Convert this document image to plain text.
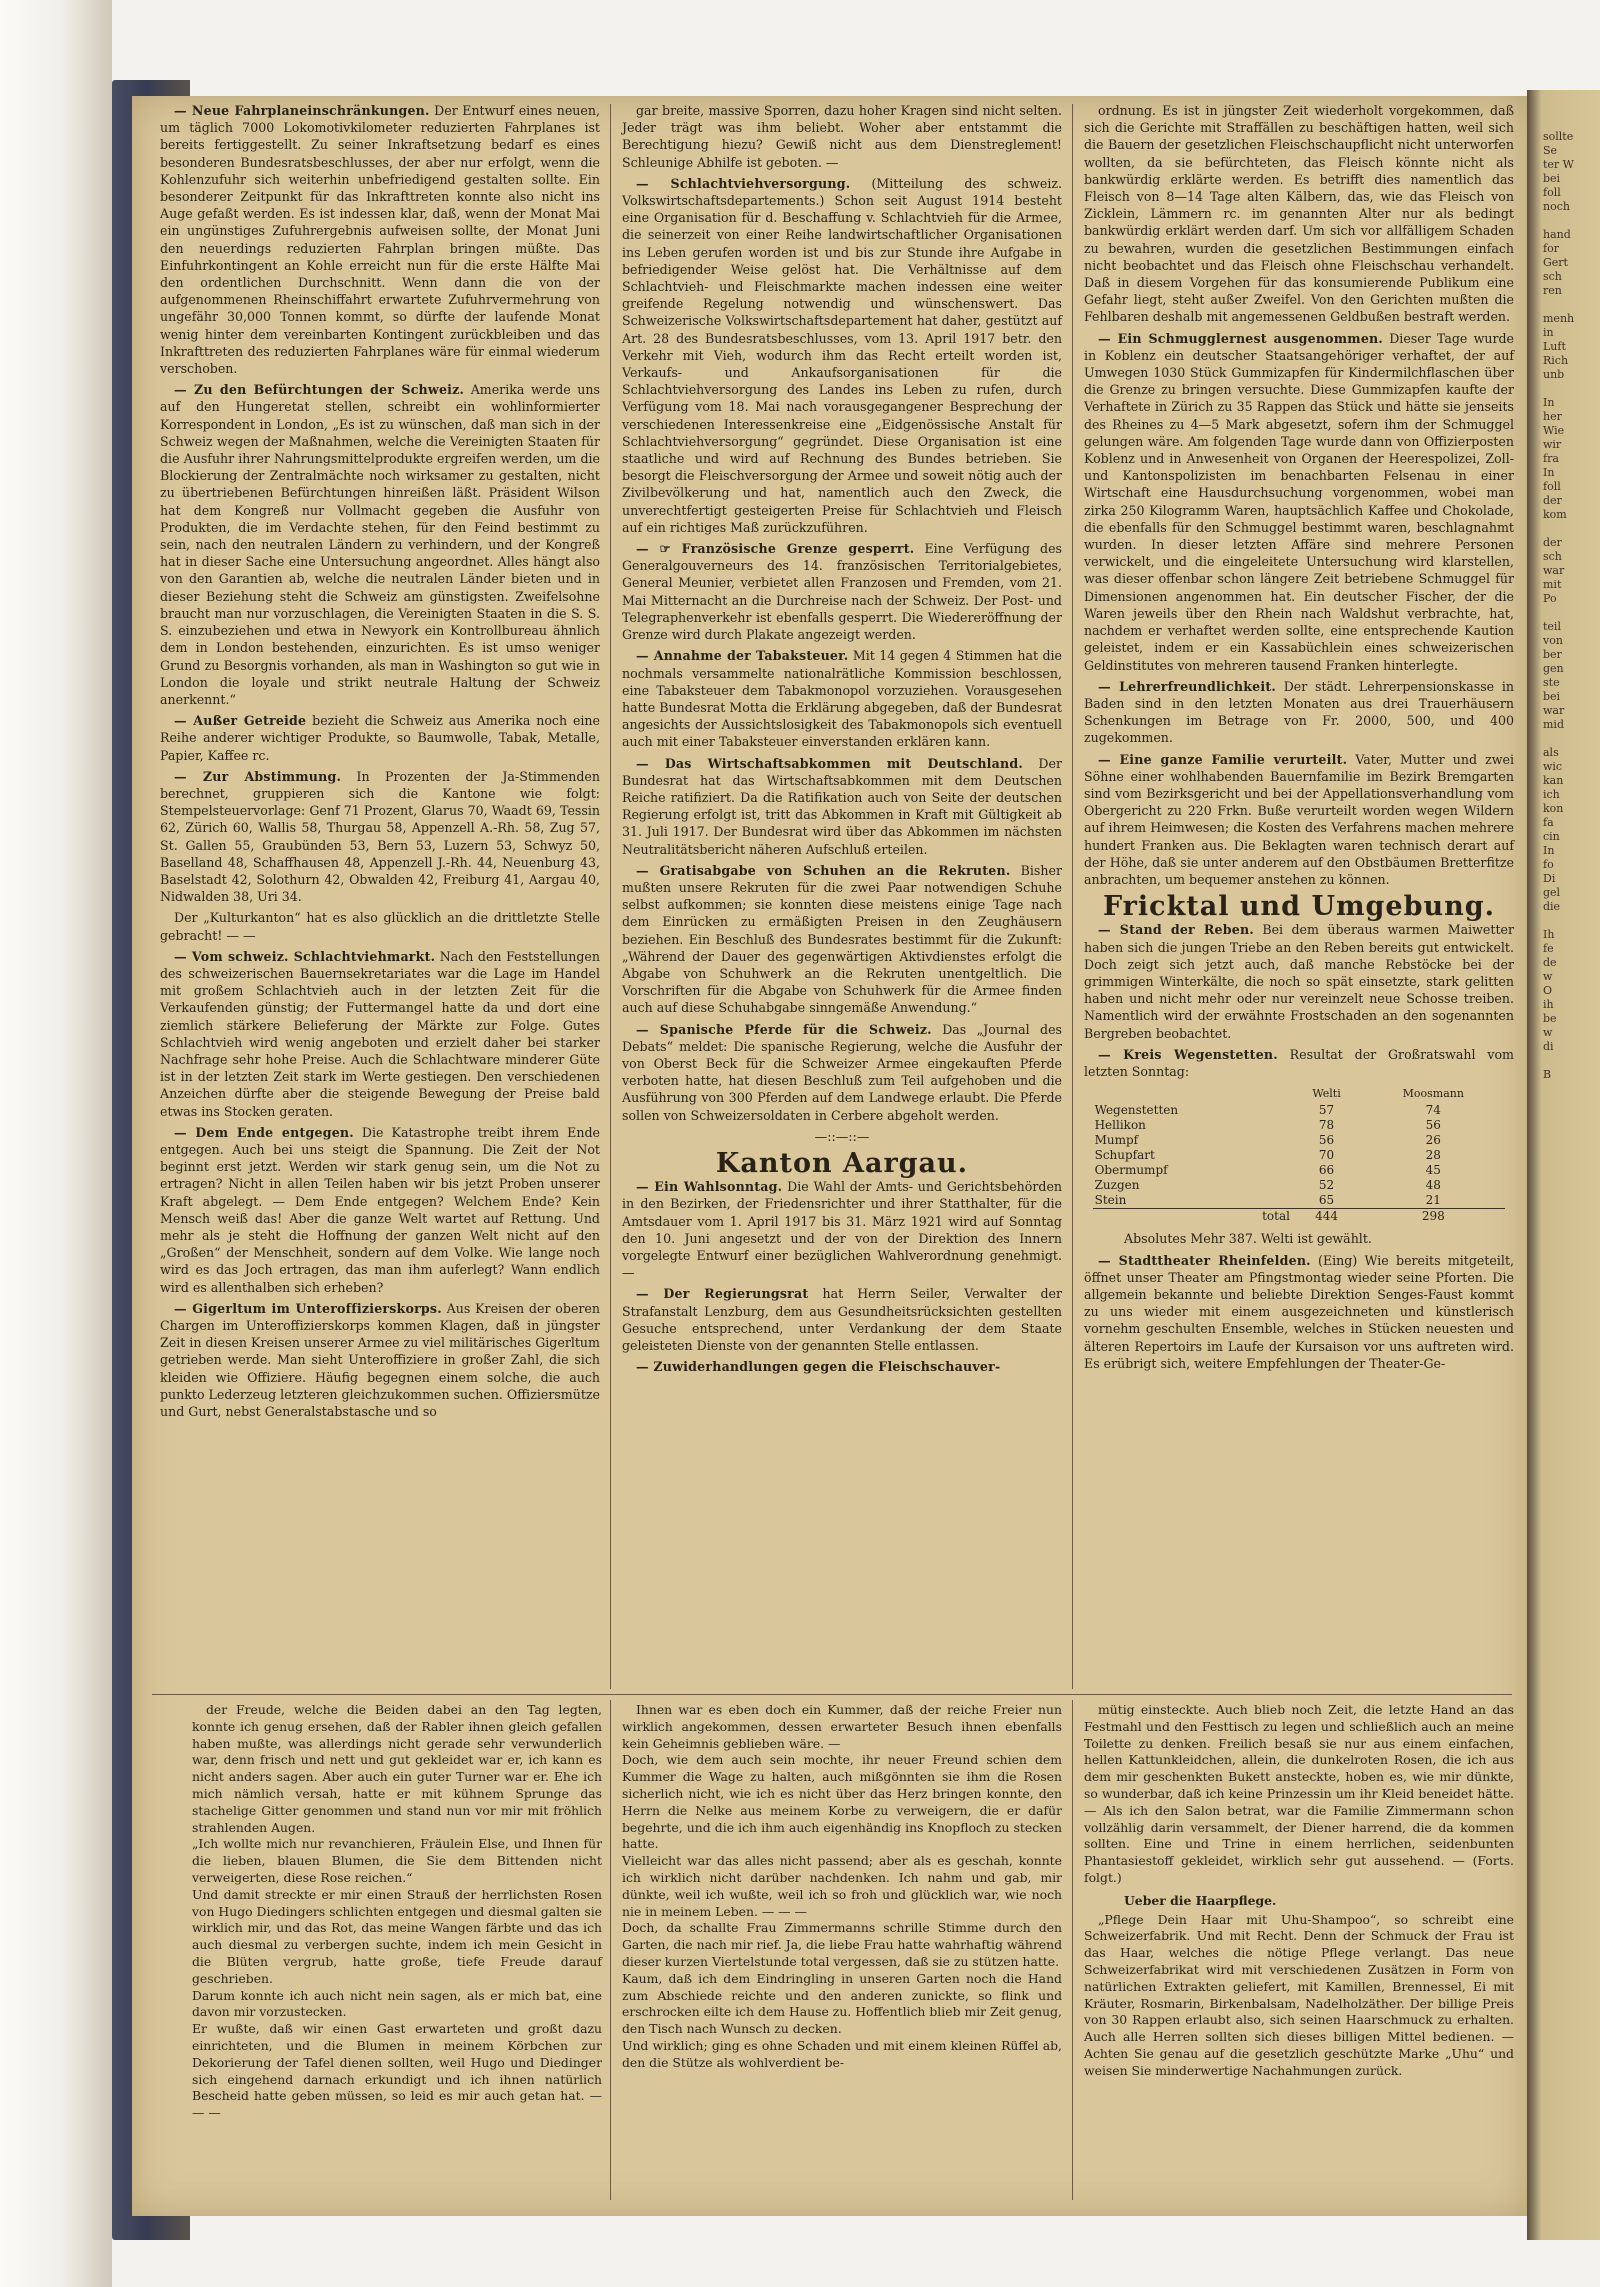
— Neue Fahrplaneinschränkungen. Der Entwurf eines neuen, um täglich 7000 Lokomotivkilometer reduzierten Fahrplanes ist bereits fertiggestellt. Zu seiner Inkraftsetzung bedarf es eines besonderen Bundesratsbeschlusses, der aber nur erfolgt, wenn die Kohlenzufuhr sich weiterhin unbefriedigend gestalten sollte. Ein besonderer Zeitpunkt für das Inkrafttreten konnte also nicht ins Auge gefaßt werden. Es ist indessen klar, daß, wenn der Monat Mai ein ungünstiges Zufuhrergebnis aufweisen sollte, der Monat Juni den neuerdings reduzierten Fahrplan bringen müßte. Das Einfuhrkontingent an Kohle erreicht nun für die erste Hälfte Mai den ordentlichen Durchschnitt. Wenn dann die von der aufgenommenen Rheinschiffahrt erwartete Zufuhrvermehrung von ungefähr 30,000 Tonnen kommt, so dürfte der laufende Monat wenig hinter dem vereinbarten Kontingent zurückbleiben und das Inkrafttreten des reduzierten Fahrplanes wäre für einmal wiederum verschoben.

— Zu den Befürchtungen der Schweiz. Amerika werde uns auf den Hungeretat stellen, schreibt ein wohlinformierter Korrespondent in London, „Es ist zu wünschen, daß man sich in der Schweiz wegen der Maßnahmen, welche die Vereinigten Staaten für die Ausfuhr ihrer Nahrungsmittelprodukte ergreifen werden, um die Blockierung der Zentralmächte noch wirksamer zu gestalten, nicht zu übertriebenen Befürchtungen hinreißen läßt. Präsident Wilson hat dem Kongreß nur Vollmacht gegeben die Ausfuhr von Produkten, die im Verdachte stehen, für den Feind bestimmt zu sein, nach den neutralen Ländern zu verhindern, und der Kongreß hat in dieser Sache eine Untersuchung angeordnet. Alles hängt also von den Garantien ab, welche die neutralen Länder bieten und in dieser Beziehung steht die Schweiz am günstigsten. Zweifelsohne braucht man nur vorzuschlagen, die Vereinigten Staaten in die S. S. S. einzubeziehen und etwa in Newyork ein Kontrollbureau ähnlich dem in London bestehenden, einzurichten. Es ist umso weniger Grund zu Besorgnis vorhanden, als man in Washington so gut wie in London die loyale und strikt neutrale Haltung der Schweiz anerkennt.“

— Außer Getreide bezieht die Schweiz aus Amerika noch eine Reihe anderer wichtiger Produkte, so Baumwolle, Tabak, Metalle, Papier, Kaffee rc.

— Zur Abstimmung. In Prozenten der Ja-Stimmenden berechnet, gruppieren sich die Kantone wie folgt: Stempelsteuervorlage: Genf 71 Prozent, Glarus 70, Waadt 69, Tessin 62, Zürich 60, Wallis 58, Thurgau 58, Appenzell A.-Rh. 58, Zug 57, St. Gallen 55, Graubünden 53, Bern 53, Luzern 53, Schwyz 50, Baselland 48, Schaffhausen 48, Appenzell J.-Rh. 44, Neuenburg 43, Baselstadt 42, Solothurn 42, Obwalden 42, Freiburg 41, Aargau 40, Nidwalden 38, Uri 34.

Der „Kulturkanton“ hat es also glücklich an die drittletzte Stelle gebracht! — —

— Vom schweiz. Schlachtviehmarkt. Nach den Feststellungen des schweizerischen Bauernsekretariates war die Lage im Handel mit großem Schlachtvieh auch in der letzten Zeit für die Verkaufenden günstig; der Futtermangel hatte da und dort eine ziemlich stärkere Belieferung der Märkte zur Folge. Gutes Schlachtvieh wird wenig angeboten und erzielt daher bei starker Nachfrage sehr hohe Preise. Auch die Schlachtware minderer Güte ist in der letzten Zeit stark im Werte gestiegen. Den verschiedenen Anzeichen dürfte aber die steigende Bewegung der Preise bald etwas ins Stocken geraten.

— Dem Ende entgegen. Die Katastrophe treibt ihrem Ende entgegen. Auch bei uns steigt die Spannung. Die Zeit der Not beginnt erst jetzt. Werden wir stark genug sein, um die Not zu ertragen? Nicht in allen Teilen haben wir bis jetzt Proben unserer Kraft abgelegt. — Dem Ende entgegen? Welchem Ende? Kein Mensch weiß das! Aber die ganze Welt wartet auf Rettung. Und mehr als je steht die Hoffnung der ganzen Welt nicht auf den „Großen“ der Menschheit, sondern auf dem Volke. Wie lange noch wird es das Joch ertragen, das man ihm auferlegt? Wann endlich wird es allenthalben sich erheben?

— Gigerltum im Unteroffizierskorps. Aus Kreisen der oberen Chargen im Unteroffizierskorps kommen Klagen, daß in jüngster Zeit in diesen Kreisen unserer Armee zu viel militärisches Gigerltum getrieben werde. Man sieht Unteroffiziere in großer Zahl, die sich kleiden wie Offiziere. Häufig begegnen einem solche, die auch punkto Lederzeug letzteren gleichzukommen suchen. Offiziersmütze und Gurt, nebst Generalstabstasche und so

gar breite, massive Sporren, dazu hoher Kragen sind nicht selten. Jeder trägt was ihm beliebt. Woher aber entstammt die Berechtigung hiezu? Gewiß nicht aus dem Dienstreglement! Schleunige Abhilfe ist geboten. —

— Schlachtviehversorgung. (Mitteilung des schweiz. Volkswirtschaftsdepartements.) Schon seit August 1914 besteht eine Organisation für d. Beschaffung v. Schlachtvieh für die Armee, die seinerzeit von einer Reihe landwirtschaftlicher Organisationen ins Leben gerufen worden ist und bis zur Stunde ihre Aufgabe in befriedigender Weise gelöst hat. Die Verhältnisse auf dem Schlachtvieh- und Fleischmarkte machen indessen eine weiter greifende Regelung notwendig und wünschenswert. Das Schweizerische Volkswirtschaftsdepartement hat daher, gestützt auf Art. 28 des Bundesratsbeschlusses, vom 13. April 1917 betr. den Verkehr mit Vieh, wodurch ihm das Recht erteilt worden ist, Verkaufs- und Ankaufsorganisationen für die Schlachtviehversorgung des Landes ins Leben zu rufen, durch Verfügung vom 18. Mai nach vorausgegangener Besprechung der verschiedenen Interessenkreise eine „Eidgenössische Anstalt für Schlachtviehversorgung“ gegründet. Diese Organisation ist eine staatliche und wird auf Rechnung des Bundes betrieben. Sie besorgt die Fleischversorgung der Armee und soweit nötig auch der Zivilbevölkerung und hat, namentlich auch den Zweck, die unverechtfertigt gesteigerten Preise für Schlachtvieh und Fleisch auf ein richtiges Maß zurückzuführen.

— ☞ Französische Grenze gesperrt. Eine Verfügung des Generalgouverneurs des 14. französischen Territorialgebietes, General Meunier, verbietet allen Franzosen und Fremden, vom 21. Mai Mitternacht an die Durchreise nach der Schweiz. Der Post- und Telegraphenverkehr ist ebenfalls gesperrt. Die Wiedereröffnung der Grenze wird durch Plakate angezeigt werden.

— Annahme der Tabaksteuer. Mit 14 gegen 4 Stimmen hat die nochmals versammelte nationalrätliche Kommission beschlossen, eine Tabaksteuer dem Tabakmonopol vorzuziehen. Vorausgesehen hatte Bundesrat Motta die Erklärung abgegeben, daß der Bundesrat angesichts der Aussichtslosigkeit des Tabakmonopols sich eventuell auch mit einer Tabaksteuer einverstanden erklären kann.

— Das Wirtschaftsabkommen mit Deutschland. Der Bundesrat hat das Wirtschaftsabkommen mit dem Deutschen Reiche ratifiziert. Da die Ratifikation auch von Seite der deutschen Regierung erfolgt ist, tritt das Abkommen in Kraft mit Gültigkeit ab 31. Juli 1917. Der Bundesrat wird über das Abkommen im nächsten Neutralitätsbericht näheren Aufschluß erteilen.

— Gratisabgabe von Schuhen an die Rekruten. Bisher mußten unsere Rekruten für die zwei Paar notwendigen Schuhe selbst aufkommen; sie konnten diese meistens einige Tage nach dem Einrücken zu ermäßigten Preisen in den Zeughäusern beziehen. Ein Beschluß des Bundesrates bestimmt für die Zukunft: „Während der Dauer des gegenwärtigen Aktivdienstes erfolgt die Abgabe von Schuhwerk an die Rekruten unentgeltlich. Die Vorschriften für die Abgabe von Schuhwerk für die Armee finden auch auf diese Schuhabgabe sinngemäße Anwendung.“

— Spanische Pferde für die Schweiz. Das „Journal des Debats“ meldet: Die spanische Regierung, welche die Ausfuhr der von Oberst Beck für die Schweizer Armee eingekauften Pferde verboten hatte, hat diesen Beschluß zum Teil aufgehoben und die Ausführung von 300 Pferden auf dem Landwege erlaubt. Die Pferde sollen von Schweizersoldaten in Cerbere abgeholt werden.

—::—::—
Kanton Aargau.

— Ein Wahlsonntag. Die Wahl der Amts- und Gerichtsbehörden in den Bezirken, der Friedensrichter und ihrer Statthalter, für die Amtsdauer vom 1. April 1917 bis 31. März 1921 wird auf Sonntag den 10. Juni angesetzt und der von der Direktion des Innern vorgelegte Entwurf einer bezüglichen Wahlverordnung genehmigt. —

— Der Regierungsrat hat Herrn Seiler, Verwalter der Strafanstalt Lenzburg, dem aus Gesundheitsrücksichten gestellten Gesuche entsprechend, unter Verdankung der dem Staate geleisteten Dienste von der genannten Stelle entlassen.

— Zuwiderhandlungen gegen die Fleischschauver-

ordnung. Es ist in jüngster Zeit wiederholt vorgekommen, daß sich die Gerichte mit Straffällen zu beschäftigen hatten, weil sich die Bauern der gesetzlichen Fleischschaupflicht nicht unterworfen wollten, da sie befürchteten, das Fleisch könnte nicht als bankwürdig erklärte werden. Es betrifft dies namentlich das Fleisch von 8—14 Tage alten Kälbern, das, wie das Fleisch von Zicklein, Lämmern rc. im genannten Alter nur als bedingt bankwürdig erklärt werden darf. Um sich vor allfälligem Schaden zu bewahren, wurden die gesetzlichen Bestimmungen einfach nicht beobachtet und das Fleisch ohne Fleischschau verhandelt. Daß in diesem Vorgehen für das konsumierende Publikum eine Gefahr liegt, steht außer Zweifel. Von den Gerichten mußten die Fehlbaren deshalb mit angemessenen Geldbußen bestraft werden.

— Ein Schmugglernest ausgenommen. Dieser Tage wurde in Koblenz ein deutscher Staatsangehöriger verhaftet, der auf Umwegen 1030 Stück Gummizapfen für Kindermilchflaschen über die Grenze zu bringen versuchte. Diese Gummizapfen kaufte der Verhaftete in Zürich zu 35 Rappen das Stück und hätte sie jenseits des Rheines zu 4—5 Mark abgesetzt, sofern ihm der Schmuggel gelungen wäre. Am folgenden Tage wurde dann von Offizierposten Koblenz und in Anwesenheit von Organen der Heerespolizei, Zoll- und Kantonspolizisten im benachbarten Felsenau in einer Wirtschaft eine Hausdurchsuchung vorgenommen, wobei man zirka 250 Kilogramm Waren, hauptsächlich Kaffee und Chokolade, die ebenfalls für den Schmuggel bestimmt waren, beschlagnahmt wurden. In dieser letzten Affäre sind mehrere Personen verwickelt, und die eingeleitete Untersuchung wird klarstellen, was dieser offenbar schon längere Zeit betriebene Schmuggel für Dimensionen angenommen hat. Ein deutscher Fischer, der die Waren jeweils über den Rhein nach Waldshut verbrachte, hat, nachdem er verhaftet werden sollte, eine entsprechende Kaution geleistet, indem er ein Kassabüchlein eines schweizerischen Geldinstitutes von mehreren tausend Franken hinterlegte.

— Lehrerfreundlichkeit. Der städt. Lehrerpensionskasse in Baden sind in den letzten Monaten aus drei Trauerhäusern Schenkungen im Betrage von Fr. 2000, 500, und 400 zugekommen.

— Eine ganze Familie verurteilt. Vater, Mutter und zwei Söhne einer wohlhabenden Bauernfamilie im Bezirk Bremgarten sind vom Bezirksgericht und bei der Appellationsverhandlung vom Obergericht zu 220 Frkn. Buße verurteilt worden wegen Wildern auf ihrem Heimwesen; die Kosten des Verfahrens machen mehrere hundert Franken aus. Die Beklagten waren technisch derart auf der Höhe, daß sie unter anderem auf den Obstbäumen Bretterfitze anbrachten, um bequemer anstehen zu können.

Fricktal und Umgebung.

— Stand der Reben. Bei dem überaus warmen Maiwetter haben sich die jungen Triebe an den Reben bereits gut entwickelt. Doch zeigt sich jetzt auch, daß manche Rebstöcke bei der grimmigen Winterkälte, die noch so spät einsetzte, stark gelitten haben und nicht mehr oder nur vereinzelt neue Schosse treiben. Namentlich wird der erwähnte Frostschaden an den sogenannten Bergreben beobachtet.

— Kreis Wegenstetten. Resultat der Großratswahl vom letzten Sonntag:

	Welti	Moosmann
Wegenstetten	57	74
Hellikon	78	56
Mumpf	56	26
Schupfart	70	28
Obermumpf	66	45
Zuzgen	52	48
Stein	65	21
total	444	298

Absolutes Mehr 387. Welti ist gewählt.

— Stadttheater Rheinfelden. (Eing) Wie bereits mitgeteilt, öffnet unser Theater am Pfingstmontag wieder seine Pforten. Die allgemein bekannte und beliebte Direktion Senges-Faust kommt zu uns wieder mit einem ausgezeichneten und künstlerisch vornehm geschulten Ensemble, welches in Stücken neuesten und älteren Repertoirs im Laufe der Kursaison vor uns auftreten wird. Es erübrigt sich, weitere Empfehlungen der Theater-Ge-

der Freude, welche die Beiden dabei an den Tag legten, konnte ich genug ersehen, daß der Rabler ihnen gleich gefallen haben mußte, was allerdings nicht gerade sehr verwunderlich war, denn frisch und nett und gut gekleidet war er, ich kann es nicht anders sagen. Aber auch ein guter Turner war er. Ehe ich mich nämlich versah, hatte er mit kühnem Sprunge das stachelige Gitter genommen und stand nun vor mir mit fröhlich strahlenden Augen.
„Ich wollte mich nur revanchieren, Fräulein Else, und Ihnen für die lieben, blauen Blumen, die Sie dem Bittenden nicht verweigerten, diese Rose reichen.“
Und damit streckte er mir einen Strauß der herrlichsten Rosen von Hugo Diedingers schlichten entgegen und diesmal galten sie wirklich mir, und das Rot, das meine Wangen färbte und das ich auch diesmal zu verbergen suchte, indem ich mein Gesicht in die Blüten vergrub, hatte große, tiefe Freude darauf geschrieben.
Darum konnte ich auch nicht nein sagen, als er mich bat, eine davon mir vorzustecken.
Er wußte, daß wir einen Gast erwarteten und großt dazu einrichteten, und die Blumen in meinem Körbchen zur Dekorierung der Tafel dienen sollten, weil Hugo und Diedinger sich eingehend darnach erkundigt und ich ihnen natürlich Bescheid hatte geben müssen, so leid es mir auch getan hat. — — —
Ihnen war es eben doch ein Kummer, daß der reiche Freier nun wirklich angekommen, dessen erwarteter Besuch ihnen ebenfalls kein Geheimnis geblieben wäre. —
Doch, wie dem auch sein mochte, ihr neuer Freund schien dem Kummer die Wage zu halten, auch mißgönnten sie ihm die Rosen sicherlich nicht, wie ich es nicht über das Herz bringen konnte, den Herrn die Nelke aus meinem Korbe zu verweigern, die er dafür begehrte, und die ich ihm auch eigenhändig ins Knopfloch zu stecken hatte.
Vielleicht war das alles nicht passend; aber als es geschah, konnte ich wirklich nicht darüber nachdenken. Ich nahm und gab, mir dünkte, weil ich wußte, weil ich so froh und glücklich war, wie noch nie in meinem Leben. — — —
Doch, da schallte Frau Zimmermanns schrille Stimme durch den Garten, die nach mir rief. Ja, die liebe Frau hatte wahrhaftig während dieser kurzen Viertelstunde total vergessen, daß sie zu stützen hatte.
Kaum, daß ich dem Eindringling in unseren Garten noch die Hand zum Abschiede reichte und den anderen zunickte, so flink und erschrocken eilte ich dem Hause zu. Hoffentlich blieb mir Zeit genug, den Tisch nach Wunsch zu decken.
Und wirklich; ging es ohne Schaden und mit einem kleinen Rüffel ab, den die Stütze als wohlverdient be-
mütig einsteckte. Auch blieb noch Zeit, die letzte Hand an das Festmahl und den Festtisch zu legen und schließlich auch an meine Toilette zu denken. Freilich besaß sie nur aus einem einfachen, hellen Kattunkleidchen, allein, die dunkelroten Rosen, die ich aus dem mir geschenkten Bukett ansteckte, hoben es, wie mir dünkte, so wunderbar, daß ich keine Prinzessin um ihr Kleid beneidet hätte. — Als ich den Salon betrat, war die Familie Zimmermann schon vollzählig darin versammelt, der Diener harrend, die da kommen sollten. Eine und Trine in einem herrlichen, seidenbunten Phantasiestoff gekleidet, wirklich sehr gut aussehend. — (Forts. folgt.)
Ueber die Haarpflege.
„Pflege Dein Haar mit Uhu-Shampoo“, so schreibt eine Schweizerfabrik. Und mit Recht. Denn der Schmuck der Frau ist das Haar, welches die nötige Pflege verlangt. Das neue Schweizerfabrikat wird mit verschiedenen Zusätzen in Form von natürlichen Extrakten geliefert, mit Kamillen, Brennessel, Ei mit Kräuter, Rosmarin, Birkenbalsam, Nadelholzäther. Der billige Preis von 30 Rappen erlaubt also, sich seinen Haarschmuck zu erhalten. Auch alle Herren sollten sich dieses billigen Mittel bedienen. — Achten Sie genau auf die gesetzlich geschützte Marke „Uhu“ und weisen Sie minderwertige Nachahmungen zurück.
sollte
Se
ter W
bei
foll
noch

hand
for
Gert
sch
ren

menh
in
Luft
Rich
unb

In
her
Wie
wir
fra
In
foll
der
kom

der
sch
war
mit
Po

teil
von
ber
gen
ste
bei
war
mid

als
wic
kan
ich
kon
fa
cin
In
fo
Di
gel
die

Ih
fe
de
w
O
ih
be
w
di

B
